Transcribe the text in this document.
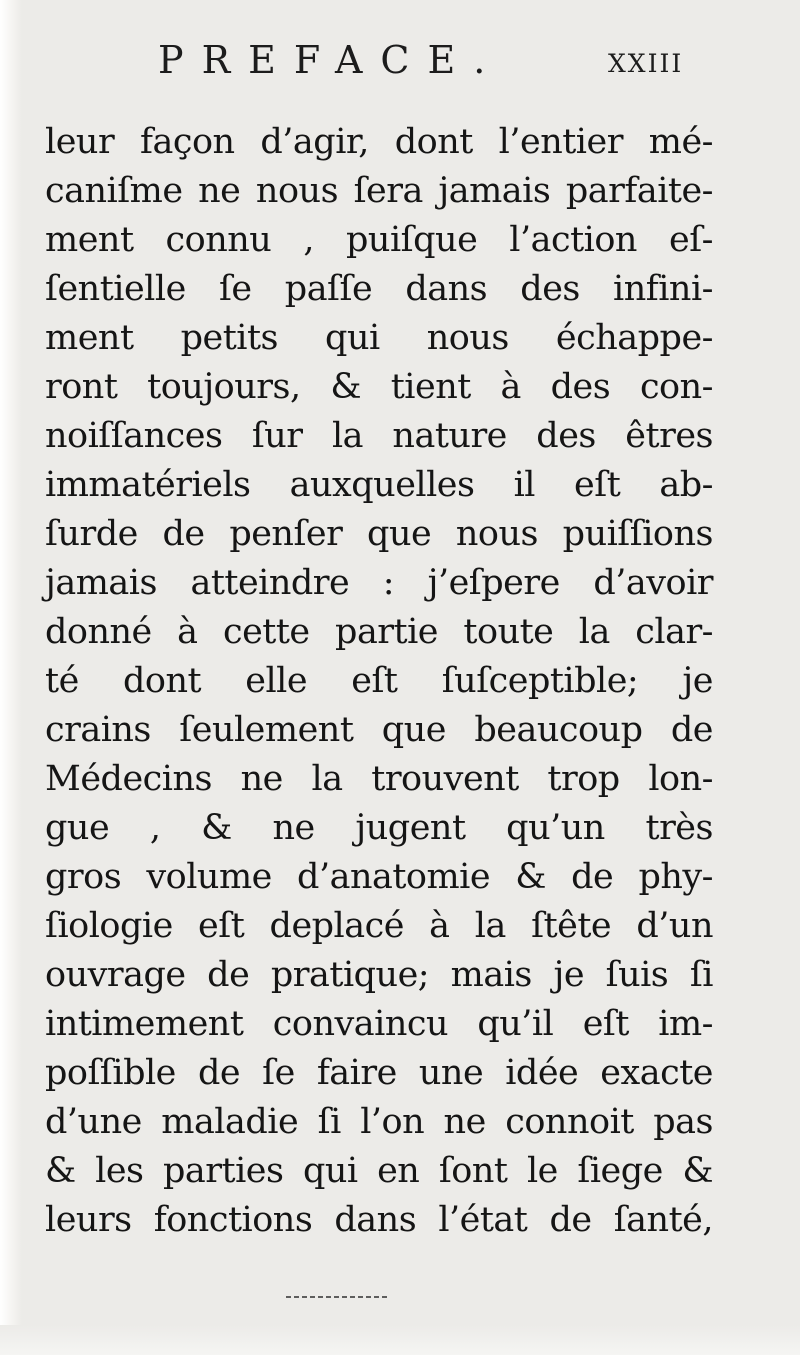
PREFACE.	xxiii
leur façon d’agir, dont l’entier mé-
caniſme ne nous ſera jamais parfaite-
ment connu , puiſque l’action eſ-
ſentielle ſe paſſe dans des infini-
ment petits qui nous échappe-
ront toujours, & tient à des con-
noiſſances ſur la nature des êtres
immatériels auxquelles il eſt ab-
ſurde de penſer que nous puiſſions
jamais atteindre : j’eſpere d’avoir
donné à cette partie toute la clar-
té dont elle eſt ſuſceptible; je
crains ſeulement que beaucoup de
Médecins ne la trouvent trop lon-
gue , & ne jugent qu’un très
gros volume d’anatomie & de phy-
ſiologie eſt deplacé à la ſtête d’un
ouvrage de pratique; mais je ſuis ſi
intimement convaincu qu’il eſt im-
poſſible de ſe faire une idée exacte
d’une maladie ſi l’on ne connoit pas
& les parties qui en ſont le ſiege &
leurs fonctions dans l’état de ſanté,
